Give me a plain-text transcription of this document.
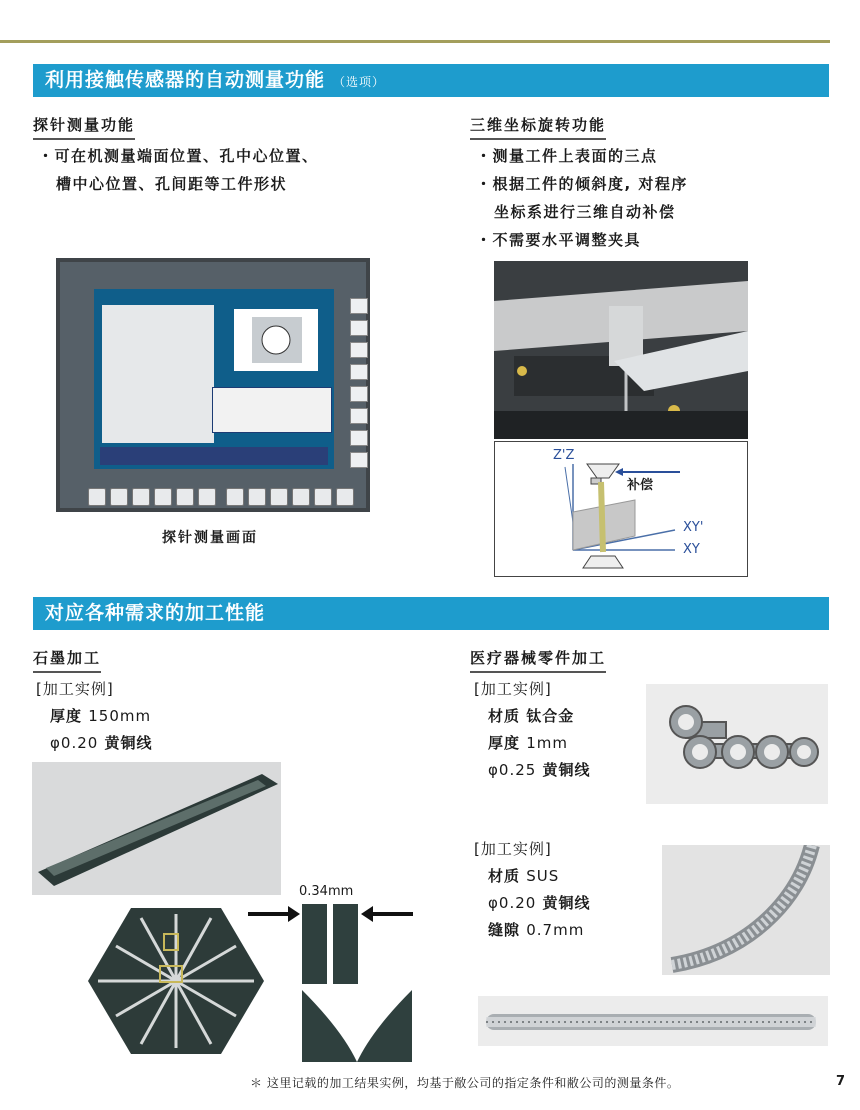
利用接触传感器的自动测量功能 （选项）
探针测量功能
・可在机测量端面位置、孔中心位置、
槽中心位置、孔间距等工件形状
探针测量画面
三维坐标旋转功能
・测量工件上表面的三点
・根据工件的倾斜度, 对程序
坐标系进行三维自动补偿
・不需要水平调整夹具
Z'Z
补偿
XY'
XY
对应各种需求的加工性能
石墨加工
[加工实例]
厚度 150mm
φ0.20 黄铜线
0.34mm
医疗器械零件加工
[加工实例]
材质 钛合金
厚度 1mm
φ0.25 黄铜线
[加工实例]
材质 SUS
φ0.20 黄铜线
缝隙 0.7mm
＊ 这里记载的加工结果实例，均基于敝公司的指定条件和敝公司的测量条件。	7
